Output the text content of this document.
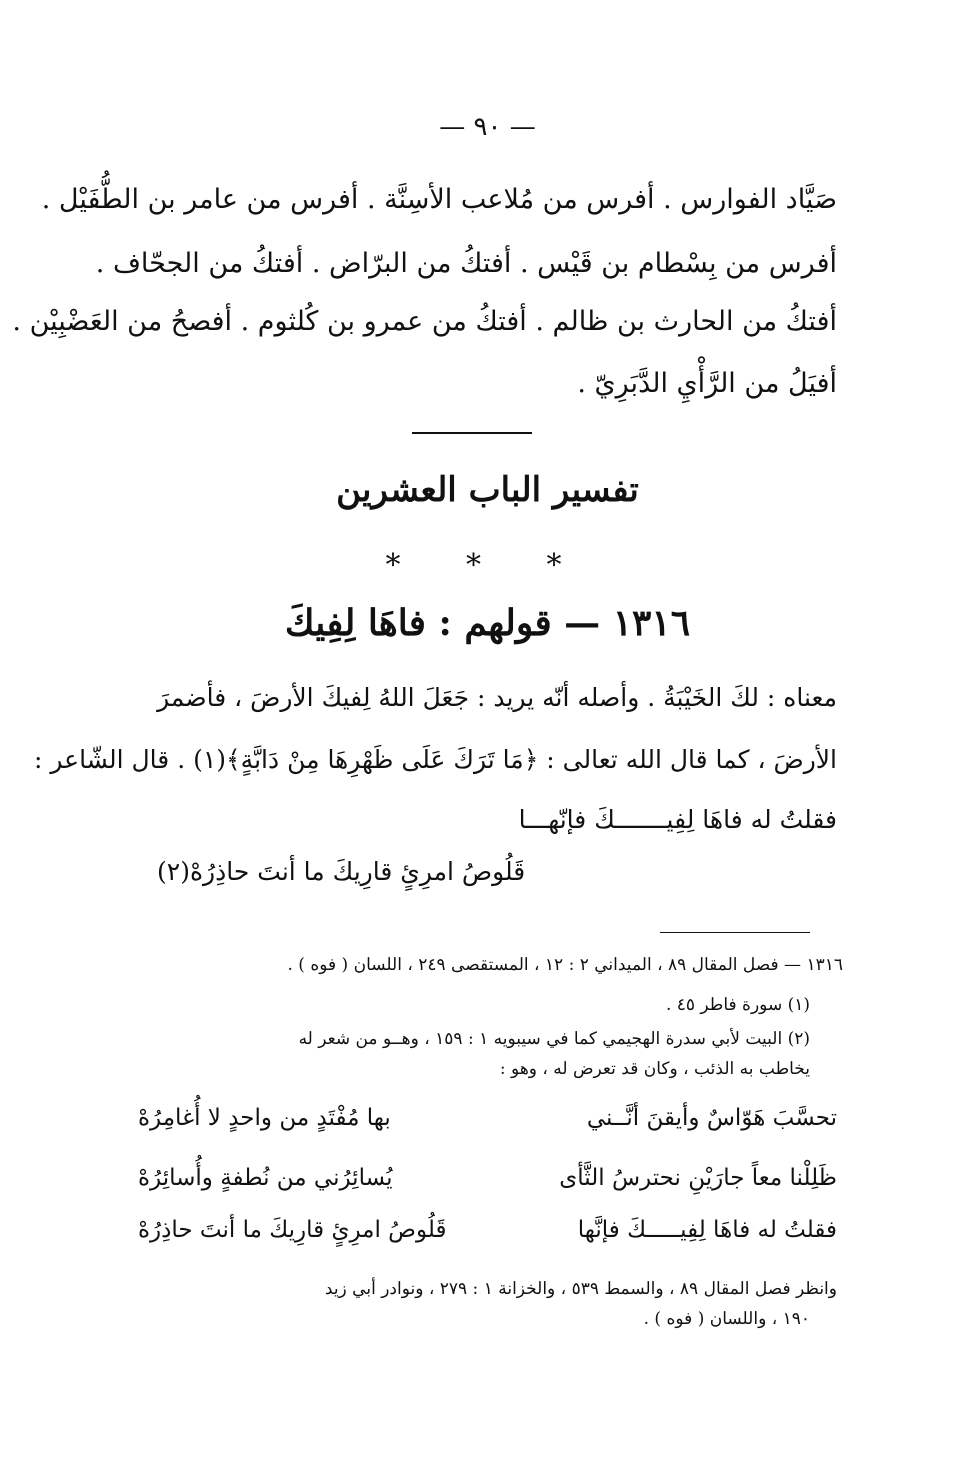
— ٩٠ —
صَيَّاد الفوارس . أفرس من مُلاعب الأسِنَّة . أفرس من عامر بن الطُّفَيْل .
أفرس من بِسْطام بن قَيْس . أفتكُ من البرّاض . أفتكُ من الجحّاف .
أفتكُ من الحارث بن ظالم . أفتكُ من عمرو بن كُلثوم . أفصحُ من العَضْبِيْن .
أفيَلُ من الرَّأْيِ الدَّبَرِيّ .
تفسير الباب العشرين
* * *
١٣١٦ — قولهم : فاهَا لِفِيكَ
معناه : لكَ الخَيْبَةُ . وأصله أنّه يريد : جَعَلَ اللهُ لِفيكَ الأرضَ ، فأضمرَ
الأرضَ ، كما قال الله تعالى : ﴿مَا تَرَكَ عَلَى ظَهْرِهَا مِنْ دَابَّةٍ﴾(١) . قال الشّاعر :
فقلتُ له فاهَا لِفِيـــــــكَ فإنّهـــا
قَلُوصُ امرِئٍ قارِيكَ ما أنتَ حاذِرُهْ(٢)
١٣١٦ — فصل المقال ٨٩ ، الميداني ٢ : ١٢ ، المستقصى ٢٤٩ ، اللسان ( فوه ) .
(١) سورة فاطر ٤٥ .
(٢) البيت لأبي سدرة الهجيمي كما في سيبويه ١ : ١٥٩ ، وهــو من شعر له
يخاطب به الذئب ، وكان قد تعرض له ، وهو :
تحسَّبَ هَوّاسٌ وأيقنَ أنَّــني
بها مُفْتَدٍ من واحدٍ لا أُغامِرُهْ
ظَلِلْنا معاً جارَيْنِ نحترسُ الثَّأى
يُسائِرُني من نُطفةٍ وأُسائِرُهْ
فقلتُ له فاهَا لِفِيـــــكَ فإنَّها
قَلُوصُ امرِئٍ قارِيكَ ما أنتَ حاذِرُهْ
وانظر فصل المقال ٨٩ ، والسمط ٥٣٩ ، والخزانة ١ : ٢٧٩ ، ونوادر أبي زيد
١٩٠ ، واللسان ( فوه ) .
